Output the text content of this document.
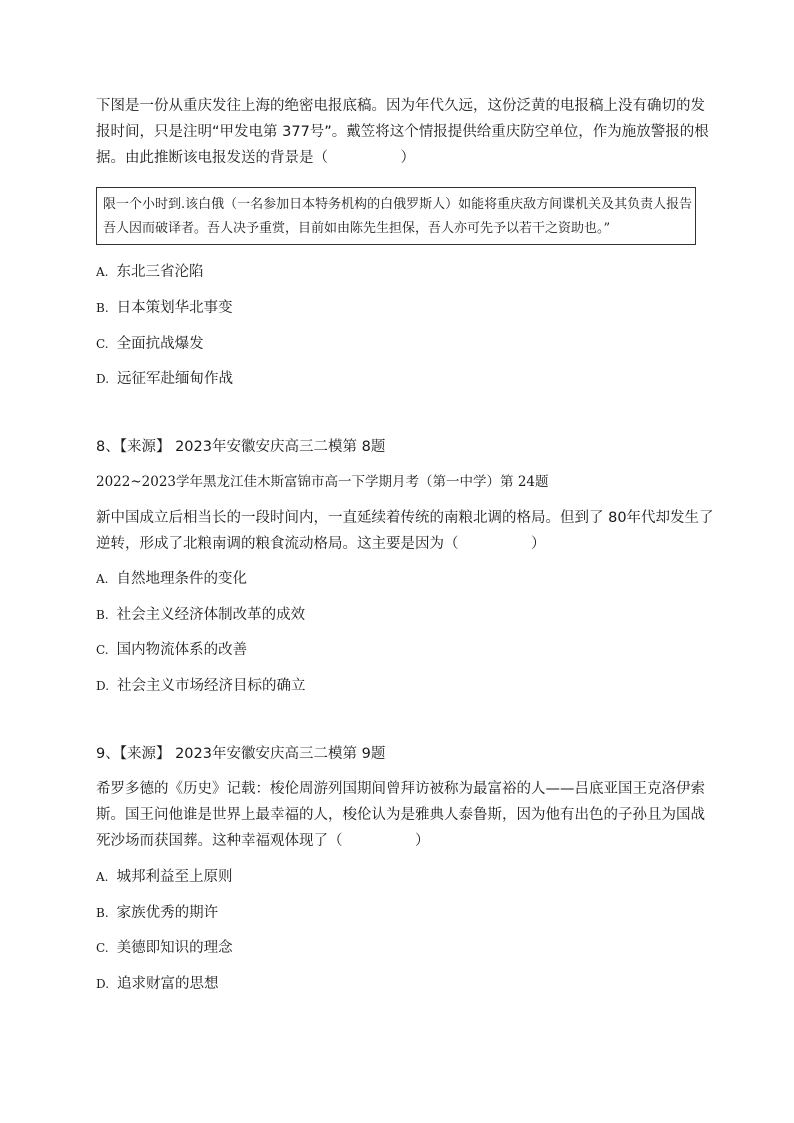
下图是一份从重庆发往上海的绝密电报底稿。因为年代久远，这份泛黄的电报稿上没有确切的发
报时间，只是注明“甲发电第 377号”。戴笠将这个情报提供给重庆防空单位，作为施放警报的根
据。由此推断该电报发送的背景是（　　　　　）
限一个小时到.该白俄（一名参加日本特务机构的白俄罗斯人）如能将重庆敌方间谍机关及其负责人报告
吾人因而破译者。吾人决予重赏，目前如由陈先生担保，吾人亦可先予以若干之资助也。”
A. 东北三省沦陷
B. 日本策划华北事变
C. 全面抗战爆发
D. 远征军赴缅甸作战
8、【来源】 2023年安徽安庆高三二模第 8题
2022~2023学年黑龙江佳木斯富锦市高一下学期月考（第一中学）第 24题
新中国成立后相当长的一段时间内，一直延续着传统的南粮北调的格局。但到了 80年代却发生了
逆转，形成了北粮南调的粮食流动格局。这主要是因为（　　　　　）
A. 自然地理条件的变化
B. 社会主义经济体制改革的成效
C. 国内物流体系的改善
D. 社会主义市场经济目标的确立
9、【来源】 2023年安徽安庆高三二模第 9题
希罗多德的《历史》记载：梭伦周游列国期间曾拜访被称为最富裕的人——吕底亚国王克洛伊索
斯。国王问他谁是世界上最幸福的人，梭伦认为是雅典人泰鲁斯，因为他有出色的子孙且为国战
死沙场而获国葬。这种幸福观体现了（　　　　　）
A. 城邦利益至上原则
B. 家族优秀的期许
C. 美德即知识的理念
D. 追求财富的思想
